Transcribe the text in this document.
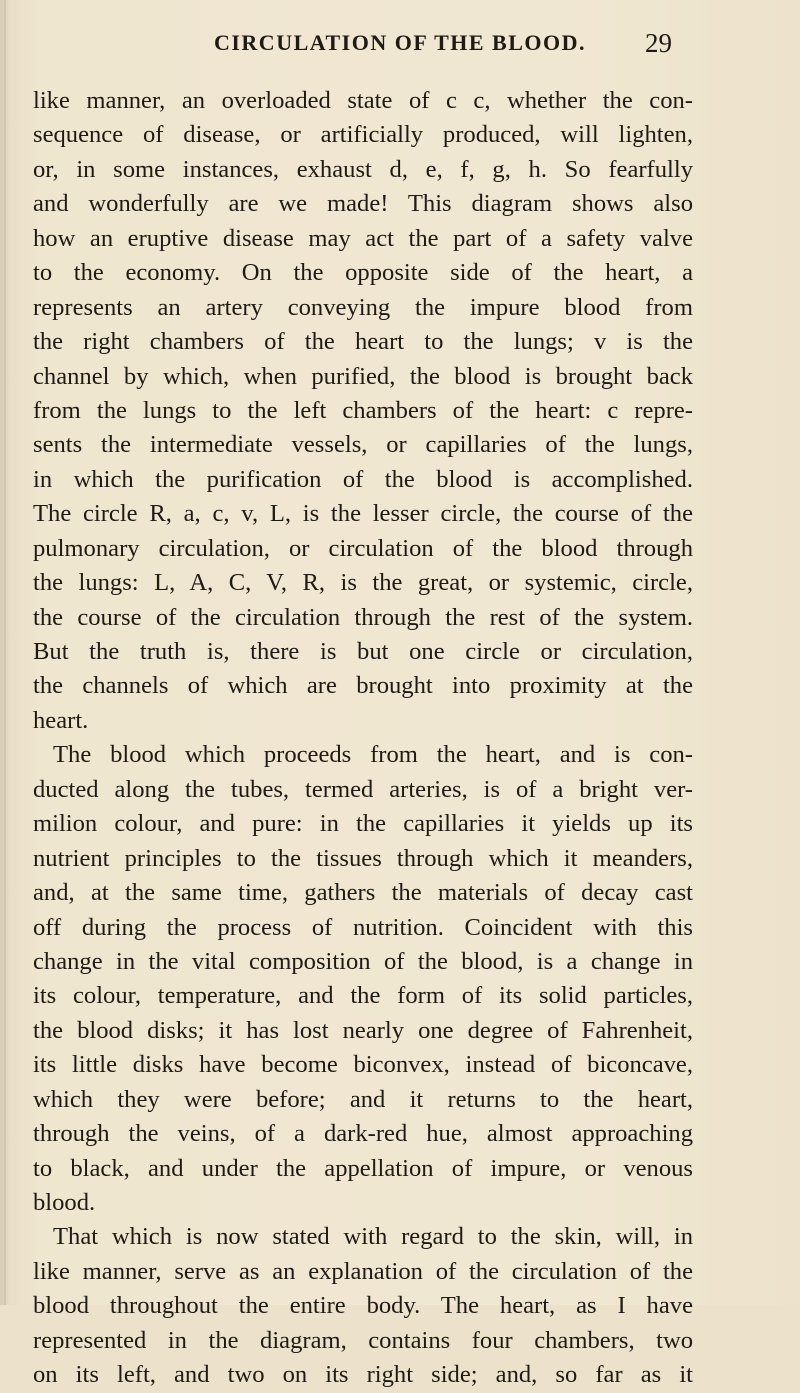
CIRCULATION OF THE BLOOD.	29
like manner, an overloaded state of c c, whether the con-
sequence of disease, or artificially produced, will lighten,
or, in some instances, exhaust d, e, f, g, h. So fearfully
and wonderfully are we made! This diagram shows also
how an eruptive disease may act the part of a safety valve
to the economy. On the opposite side of the heart, a
represents an artery conveying the impure blood from
the right chambers of the heart to the lungs; v is the
channel by which, when purified, the blood is brought back
from the lungs to the left chambers of the heart: c repre-
sents the intermediate vessels, or capillaries of the lungs,
in which the purification of the blood is accomplished.
The circle R, a, c, v, L, is the lesser circle, the course of the
pulmonary circulation, or circulation of the blood through
the lungs: L, A, C, V, R, is the great, or systemic, circle,
the course of the circulation through the rest of the system.
But the truth is, there is but one circle or circulation,
the channels of which are brought into proximity at the
heart.
The blood which proceeds from the heart, and is con-
ducted along the tubes, termed arteries, is of a bright ver-
milion colour, and pure: in the capillaries it yields up its
nutrient principles to the tissues through which it meanders,
and, at the same time, gathers the materials of decay cast
off during the process of nutrition. Coincident with this
change in the vital composition of the blood, is a change in
its colour, temperature, and the form of its solid particles,
the blood disks; it has lost nearly one degree of Fahrenheit,
its little disks have become biconvex, instead of biconcave,
which they were before; and it returns to the heart,
through the veins, of a dark-red hue, almost approaching
to black, and under the appellation of impure, or venous
blood.
That which is now stated with regard to the skin, will, in
like manner, serve as an explanation of the circulation of the
blood throughout the entire body. The heart, as I have
represented in the diagram, contains four chambers, two
on its left, and two on its right side; and, so far as it
